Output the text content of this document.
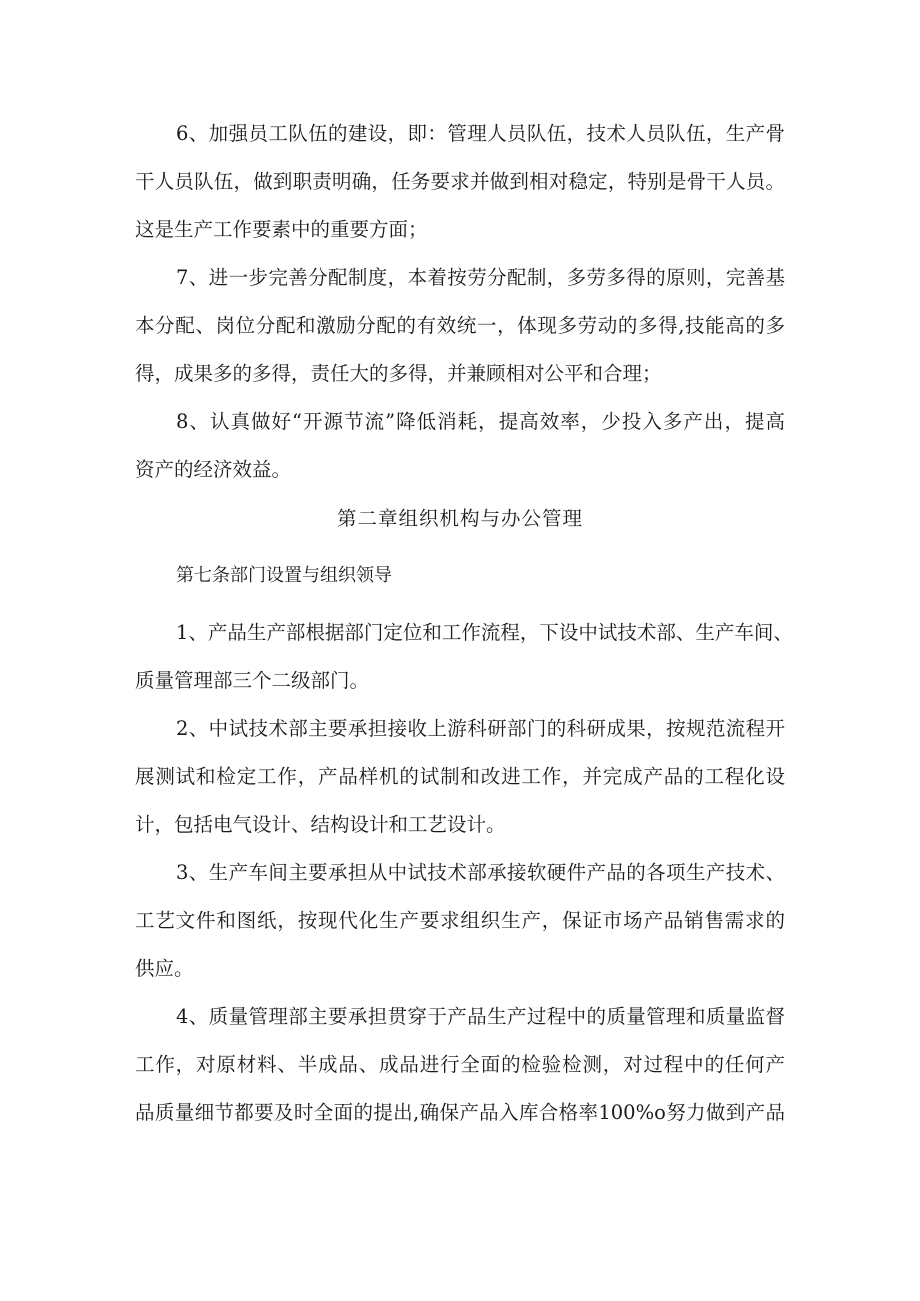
6、加强员工队伍的建设，即：管理人员队伍，技术人员队伍，生产骨
干人员队伍，做到职责明确，任务要求并做到相对稳定，特别是骨干人员。
这是生产工作要素中的重要方面；
7、进一步完善分配制度，本着按劳分配制，多劳多得的原则，完善基
本分配、岗位分配和激励分配的有效统一，体现多劳动的多得,技能高的多
得，成果多的多得，责任大的多得，并兼顾相对公平和合理；
8、认真做好“开源节流”降低消耗，提高效率，少投入多产出，提高
资产的经济效益。
第二章组织机构与办公管理
第七条部门设置与组织领导
1、产品生产部根据部门定位和工作流程，下设中试技术部、生产车间、
质量管理部三个二级部门。
2、中试技术部主要承担接收上游科研部门的科研成果，按规范流程开
展测试和检定工作，产品样机的试制和改进工作，并完成产品的工程化设
计，包括电气设计、结构设计和工艺设计。
3、生产车间主要承担从中试技术部承接软硬件产品的各项生产技术、
工艺文件和图纸，按现代化生产要求组织生产，保证市场产品销售需求的
供应。
4、质量管理部主要承担贯穿于产品生产过程中的质量管理和质量监督
工作，对原材料、半成品、成品进行全面的检验检测，对过程中的任何产
品质量细节都要及时全面的提出,确保产品入库合格率100%o努力做到产品
